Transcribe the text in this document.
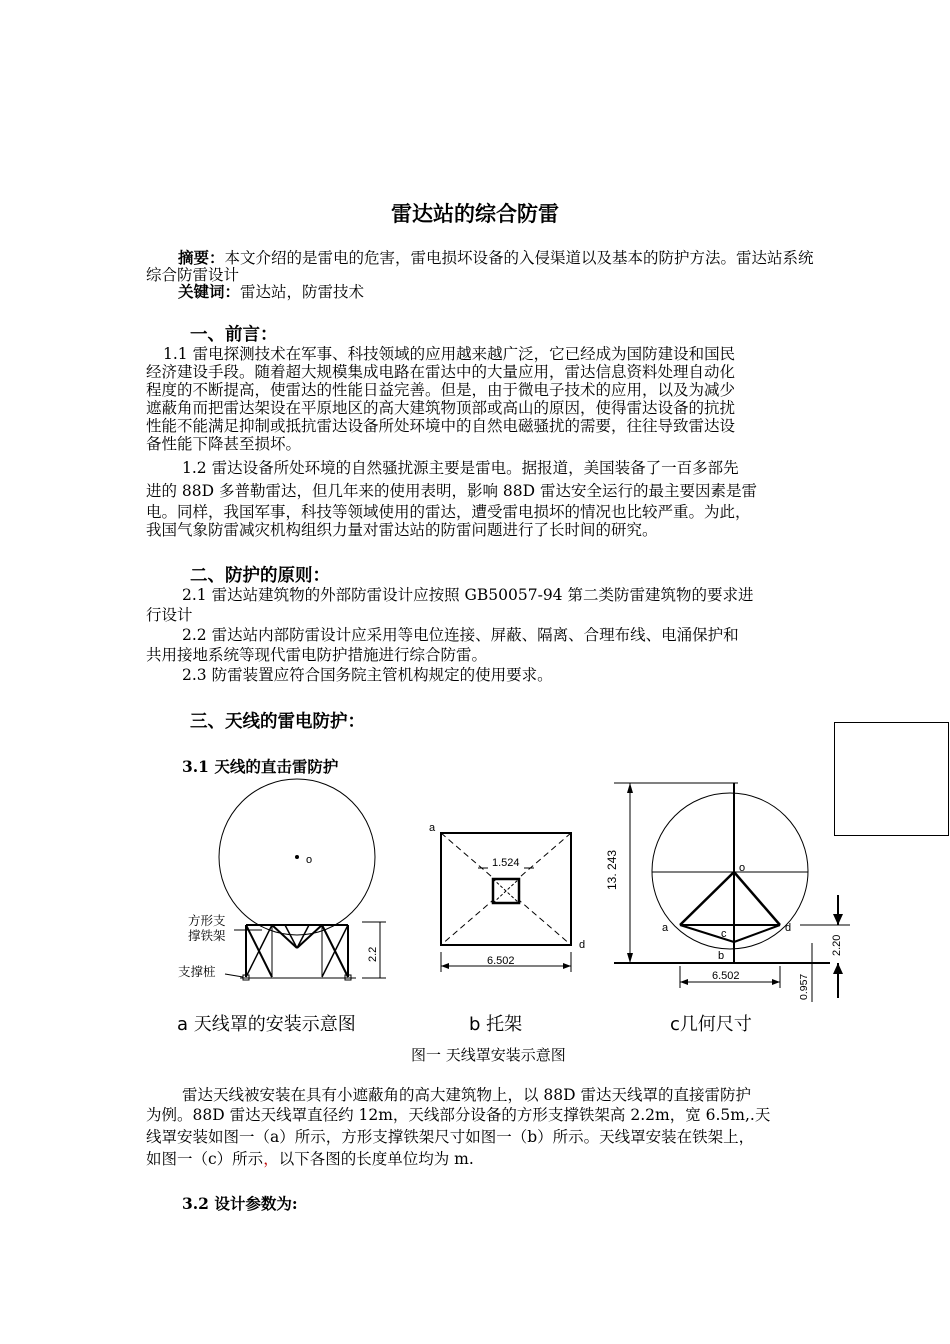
雷达站的综合防雷
摘要：本文介绍的是雷电的危害，雷电损坏设备的入侵渠道以及基本的防护方法。雷达站系统
综合防雷设计
关键词：雷达站，防雷技术
一、前言：
1.1 雷电探测技术在军事、科技领域的应用越来越广泛，它已经成为国防建设和国民
经济建设手段。随着超大规模集成电路在雷达中的大量应用，雷达信息资料处理自动化
程度的不断提高，使雷达的性能日益完善。但是，由于微电子技术的应用，以及为减少
遮蔽角而把雷达架设在平原地区的高大建筑物顶部或高山的原因，使得雷达设备的抗扰
性能不能满足抑制或抵抗雷达设备所处环境中的自然电磁骚扰的需要，往往导致雷达设
备性能下降甚至损坏。
1.2 雷达设备所处环境的自然骚扰源主要是雷电。据报道，美国装备了一百多部先
进的 88D 多普勒雷达，但几年来的使用表明，影响 88D 雷达安全运行的最主要因素是雷
电。同样，我国军事，科技等领域使用的雷达，遭受雷电损坏的情况也比较严重。为此，
我国气象防雷减灾机构组织力量对雷达站的防雷问题进行了长时间的研究。
二、防护的原则：
2.1 雷达站建筑物的外部防雷设计应按照 GB50057-94 第二类防雷建筑物的要求进
行设计
2.2 雷达站内部防雷设计应采用等电位连接、屏蔽、隔离、合理布线、电涌保护和
共用接地系统等现代雷电防护措施进行综合防雷。
2.3 防雷装置应符合国务院主管机构规定的使用要求。
三、天线的雷电防护：
3.1 天线的直击雷防护
o
2.2
方形支
撑铁架
支撑桩
1.524
a
d
6.502
13. 243	o
a	c	d
b
6.502
2.20
0.957
a 天线罩的安装示意图	b 托架	c几何尺寸
图一 天线罩安装示意图
雷达天线被安装在具有小遮蔽角的高大建筑物上，以 88D 雷达天线罩的直接雷防护
为例。88D 雷达天线罩直径约 12m，天线部分设备的方形支撑铁架高 2.2m，宽 6.5m,.天
线罩安装如图一（a）所示，方形支撑铁架尺寸如图一（b）所示。天线罩安装在铁架上，
如图一（c）所示，以下各图的长度单位均为 m.
3.2 设计参数为:
